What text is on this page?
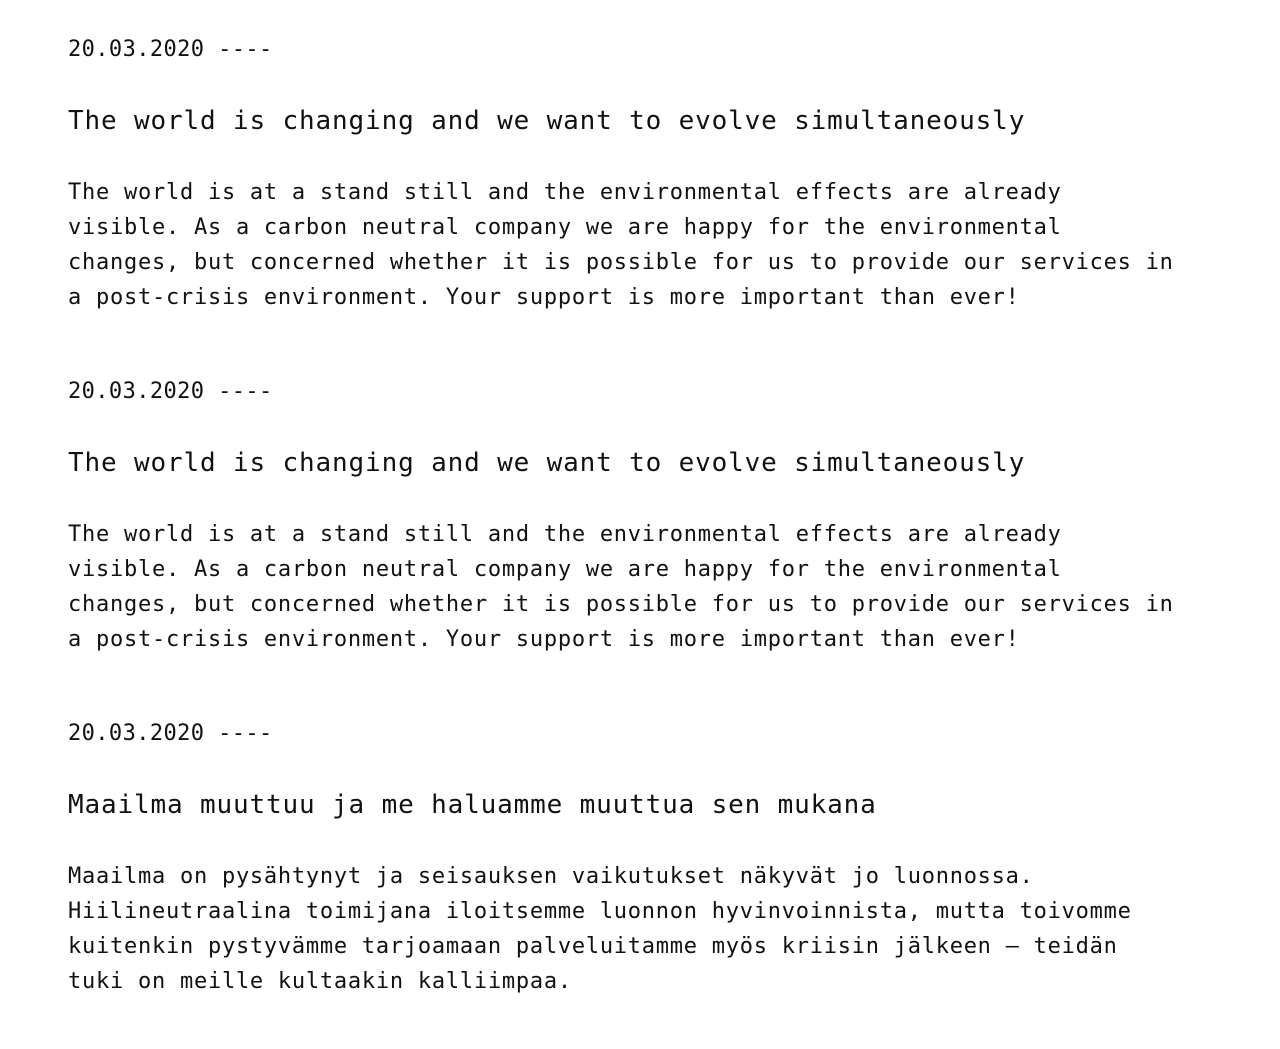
20.03.2020 ----
The world is changing and we want to evolve simultaneously
The world is at a stand still and the environmental effects are already
visible. As a carbon neutral company we are happy for the environmental
changes, but concerned whether it is possible for us to provide our services in
a post-crisis environment. Your support is more important than ever!
20.03.2020 ----
The world is changing and we want to evolve simultaneously
The world is at a stand still and the environmental effects are already
visible. As a carbon neutral company we are happy for the environmental
changes, but concerned whether it is possible for us to provide our services in
a post-crisis environment. Your support is more important than ever!
20.03.2020 ----
Maailma muuttuu ja me haluamme muuttua sen mukana
Maailma on pysähtynyt ja seisauksen vaikutukset näkyvät jo luonnossa.
Hiilineutraalina toimijana iloitsemme luonnon hyvinvoinnista, mutta toivomme
kuitenkin pystyvämme tarjoamaan palveluitamme myös kriisin jälkeen — teidän
tuki on meille kultaakin kalliimpaa.
